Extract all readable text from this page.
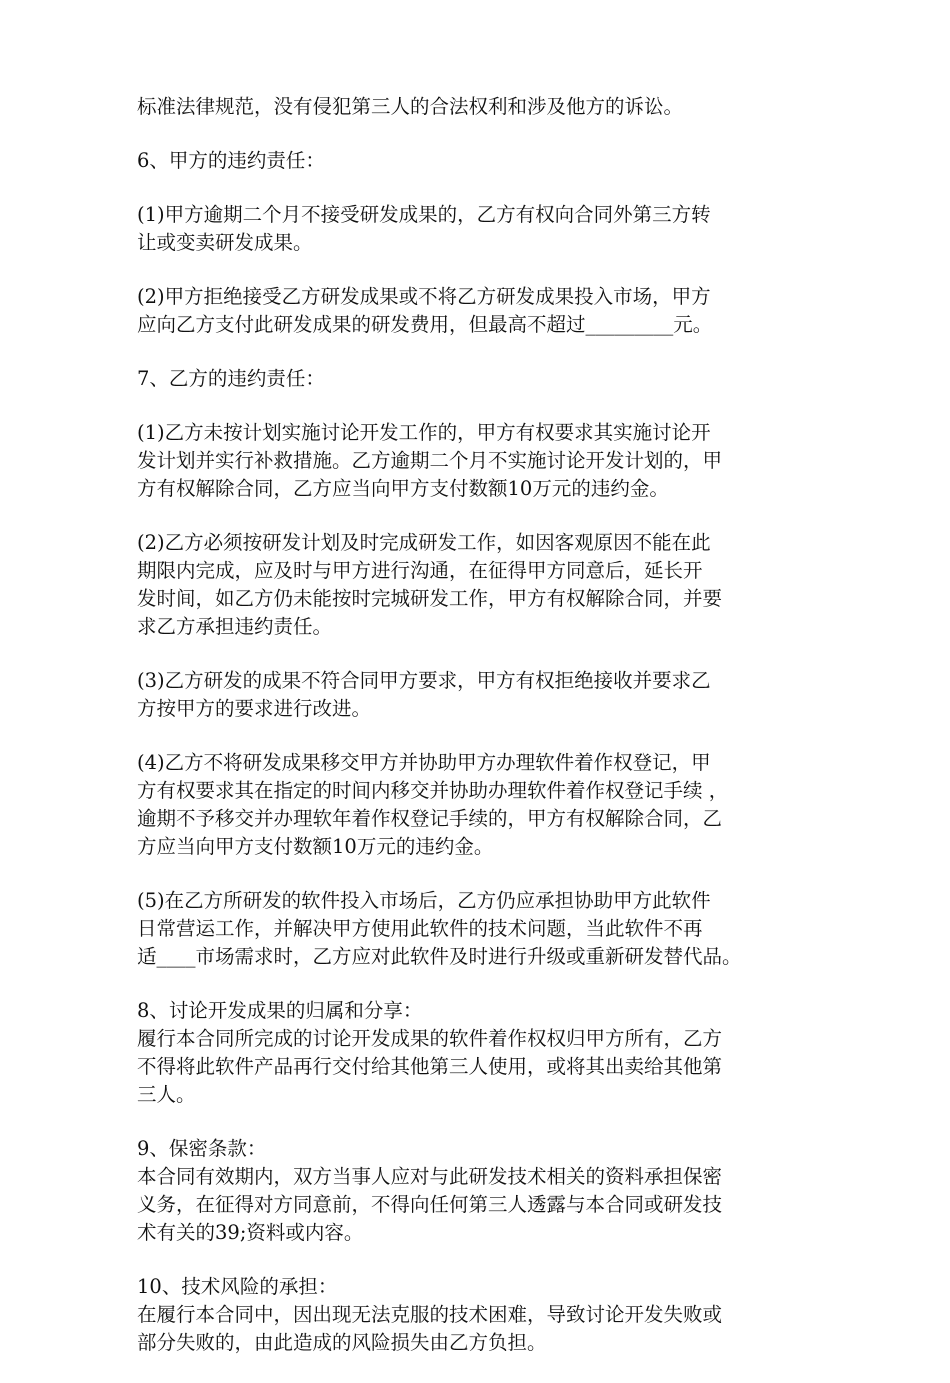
标准法律规范，没有侵犯第三人的合法权利和涉及他方的诉讼。

6、甲方的违约责任：

(1)甲方逾期二个月不接受研发成果的，乙方有权向合同外第三方转
让或变卖研发成果。

(2)甲方拒绝接受乙方研发成果或不将乙方研发成果投入市场，甲方
应向乙方支付此研发成果的研发费用，但最高不超过_________元。

7、乙方的违约责任：

(1)乙方未按计划实施讨论开发工作的，甲方有权要求其实施讨论开
发计划并实行补救措施。乙方逾期二个月不实施讨论开发计划的，甲
方有权解除合同，乙方应当向甲方支付数额10万元的违约金。

(2)乙方必须按研发计划及时完成研发工作，如因客观原因不能在此
期限内完成，应及时与甲方进行沟通，在征得甲方同意后，延长开
发时间，如乙方仍未能按时完城研发工作，甲方有权解除合同，并要
求乙方承担违约责任。

(3)乙方研发的成果不符合同甲方要求，甲方有权拒绝接收并要求乙
方按甲方的要求进行改进。

(4)乙方不将研发成果移交甲方并协助甲方办理软件着作权登记，甲
方有权要求其在指定的时间内移交并协助办理软件着作权登记手续 ，
逾期不予移交并办理软年着作权登记手续的，甲方有权解除合同，乙
方应当向甲方支付数额10万元的违约金。

(5)在乙方所研发的软件投入市场后，乙方仍应承担协助甲方此软件
日常营运工作，并解决甲方使用此软件的技术问题，当此软件不再
适____市场需求时，乙方应对此软件及时进行升级或重新研发替代品。

8、讨论开发成果的归属和分享：
履行本合同所完成的讨论开发成果的软件着作权权归甲方所有，乙方
不得将此软件产品再行交付给其他第三人使用，或将其出卖给其他第
三人。
9、保密条款：
本合同有效期内，双方当事人应对与此研发技术相关的资料承担保密
义务，在征得对方同意前，不得向任何第三人透露与本合同或研发技
术有关的39;资料或内容。
10、技术风险的承担：
在履行本合同中，因出现无法克服的技术困难，导致讨论开发失败或
部分失败的，由此造成的风险损失由乙方负担。
